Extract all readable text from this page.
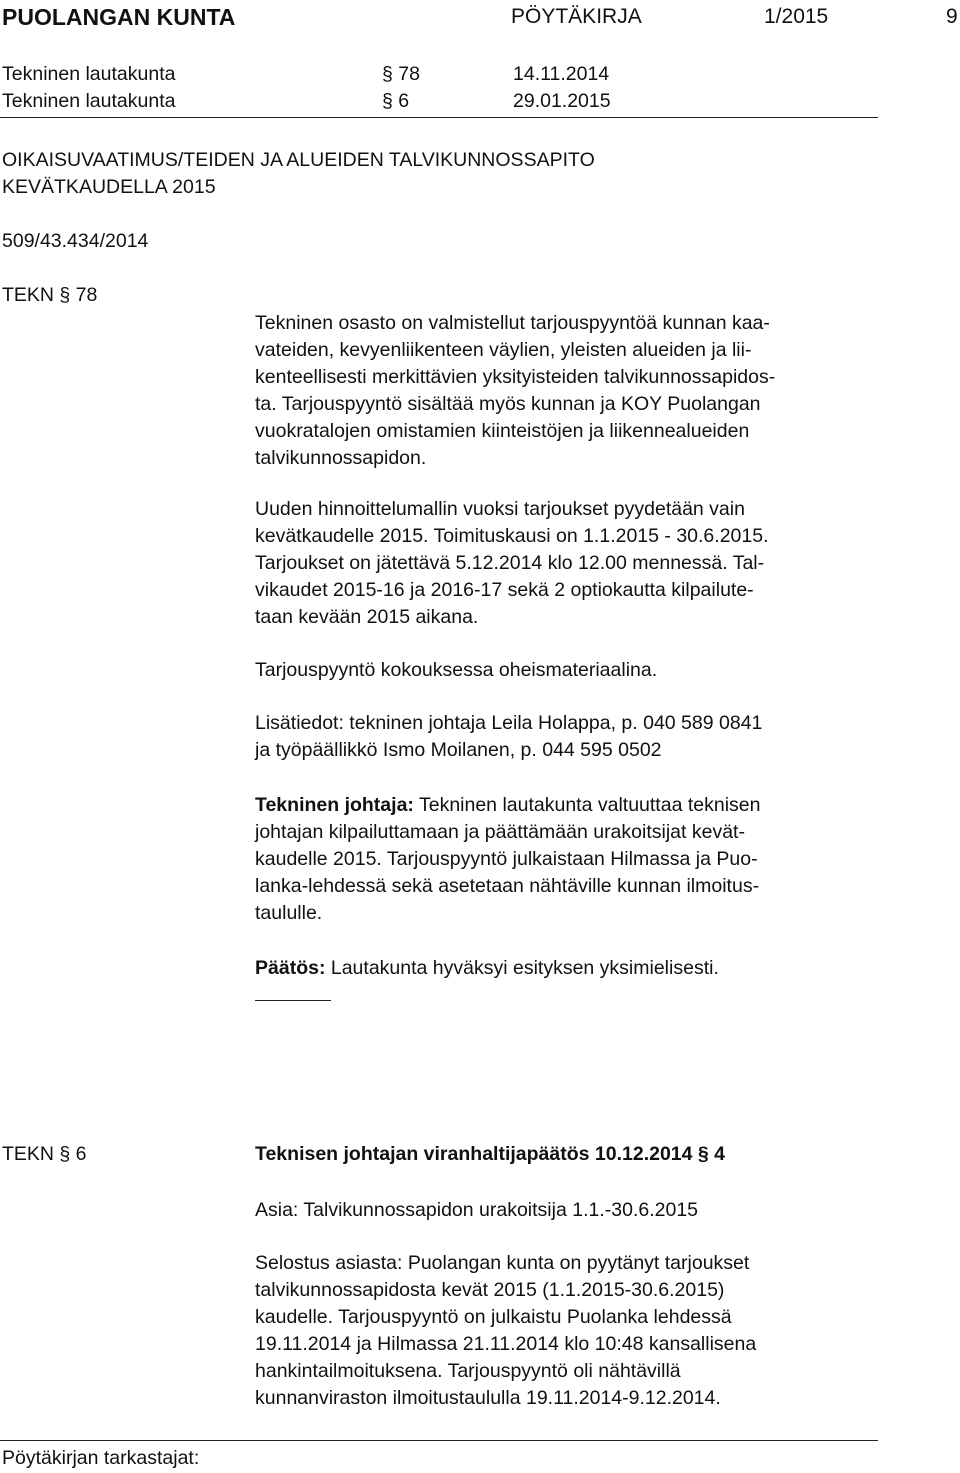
PUOLANGAN KUNTA	PÖYTÄKIRJA	1/2015	9
Tekninen lautakunta	§ 78	14.11.2014
Tekninen lautakunta	§ 6	29.01.2015
OIKAISUVAATIMUS/TEIDEN JA ALUEIDEN TALVIKUNNOSSAPITO
KEVÄTKAUDELLA 2015
509/43.434/2014
TEKN § 78
Tekninen osasto on valmistellut tarjouspyyntöä kunnan kaa-
vateiden, kevyenliikenteen väylien, yleisten alueiden ja lii-
kenteellisesti merkittävien yksityisteiden talvikunnossapidos-
ta. Tarjouspyyntö sisältää myös kunnan ja KOY Puolangan
vuokratalojen omistamien kiinteistöjen ja liikennealueiden
talvikunnossapidon.
Uuden hinnoittelumallin vuoksi tarjoukset pyydetään vain
kevätkaudelle 2015. Toimituskausi on 1.1.2015 - 30.6.2015.
Tarjoukset on jätettävä 5.12.2014 klo 12.00 mennessä. Tal-
vikaudet 2015-16 ja 2016-17 sekä 2 optiokautta kilpailute-
taan kevään 2015 aikana.
Tarjouspyyntö kokouksessa oheismateriaalina.
Lisätiedot: tekninen johtaja Leila Holappa, p. 040 589 0841
ja työpäällikkö Ismo Moilanen, p. 044 595 0502
Tekninen johtaja: Tekninen lautakunta valtuuttaa teknisen
johtajan kilpailuttamaan ja päättämään urakoitsijat kevät-
kaudelle 2015. Tarjouspyyntö julkaistaan Hilmassa ja Puo-
lanka-lehdessä sekä asetetaan nähtäville kunnan ilmoitus-
taululle.
Päätös: Lautakunta hyväksyi esityksen yksimielisesti.
TEKN § 6	Teknisen johtajan viranhaltijapäätös 10.12.2014 § 4
Asia: Talvikunnossapidon urakoitsija 1.1.-30.6.2015
Selostus asiasta: Puolangan kunta on pyytänyt tarjoukset
talvikunnossapidosta kevät 2015 (1.1.2015-30.6.2015)
kaudelle. Tarjouspyyntö on julkaistu Puolanka lehdessä
19.11.2014 ja Hilmassa 21.11.2014 klo 10:48 kansallisena
hankintailmoituksena. Tarjouspyyntö oli nähtävillä
kunnanviraston ilmoitustaululla 19.11.2014-9.12.2014.
Pöytäkirjan tarkastajat:
